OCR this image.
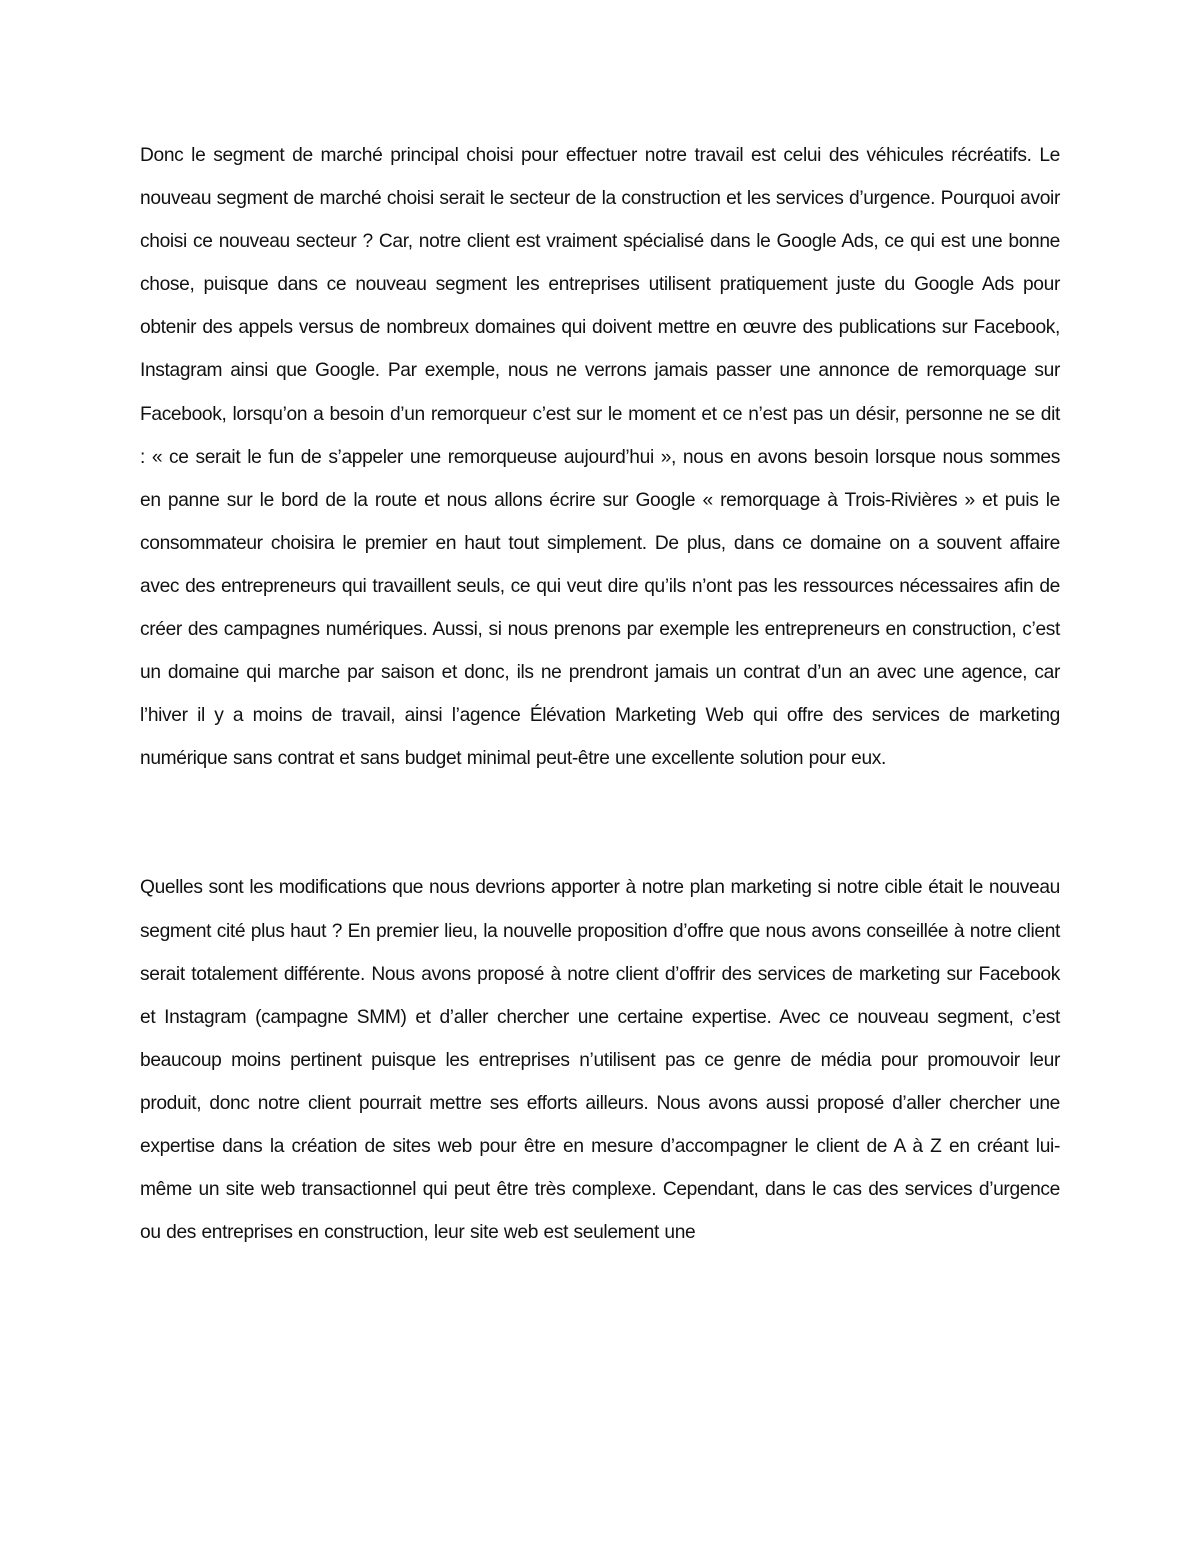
Donc le segment de marché principal choisi pour effectuer notre travail est celui des véhicules récréatifs. Le nouveau segment de marché choisi serait le secteur de la construction et les services d’urgence. Pourquoi avoir choisi ce nouveau secteur ? Car, notre client est vraiment spécialisé dans le Google Ads, ce qui est une bonne chose, puisque dans ce nouveau segment les entreprises utilisent pratiquement juste du Google Ads pour obtenir des appels versus de nombreux domaines qui doivent mettre en œuvre des publications sur Facebook, Instagram ainsi que Google. Par exemple, nous ne verrons jamais passer une annonce de remorquage sur Facebook, lorsqu’on a besoin d’un remorqueur c’est sur le moment et ce n’est pas un désir, personne ne se dit : « ce serait le fun de s’appeler une remorqueuse aujourd’hui », nous en avons besoin lorsque nous sommes en panne sur le bord de la route et nous allons écrire sur Google « remorquage à Trois-Rivières » et puis le consommateur choisira le premier en haut tout simplement. De plus, dans ce domaine on a souvent affaire avec des entrepreneurs qui travaillent seuls, ce qui veut dire qu’ils n’ont pas les ressources nécessaires afin de créer des campagnes numériques. Aussi, si nous prenons par exemple les entrepreneurs en construction, c’est un domaine qui marche par saison et donc, ils ne prendront jamais un contrat d’un an avec une agence, car l’hiver il y a moins de travail, ainsi l’agence Élévation Marketing Web qui offre des services de marketing numérique sans contrat et sans budget minimal peut-être une excellente solution pour eux.

Quelles sont les modifications que nous devrions apporter à notre plan marketing si notre cible était le nouveau segment cité plus haut ? En premier lieu, la nouvelle proposition d’offre que nous avons conseillée à notre client serait totalement différente. Nous avons proposé à notre client d’offrir des services de marketing sur Facebook et Instagram (campagne SMM) et d’aller chercher une certaine expertise. Avec ce nouveau segment, c’est beaucoup moins pertinent puisque les entreprises n’utilisent pas ce genre de média pour promouvoir leur produit, donc notre client pourrait mettre ses efforts ailleurs. Nous avons aussi proposé d’aller chercher une expertise dans la création de sites web pour être en mesure d’accompagner le client de A à Z en créant lui-même un site web transactionnel qui peut être très complexe. Cependant, dans le cas des services d’urgence ou des entreprises en construction, leur site web est seulement une
